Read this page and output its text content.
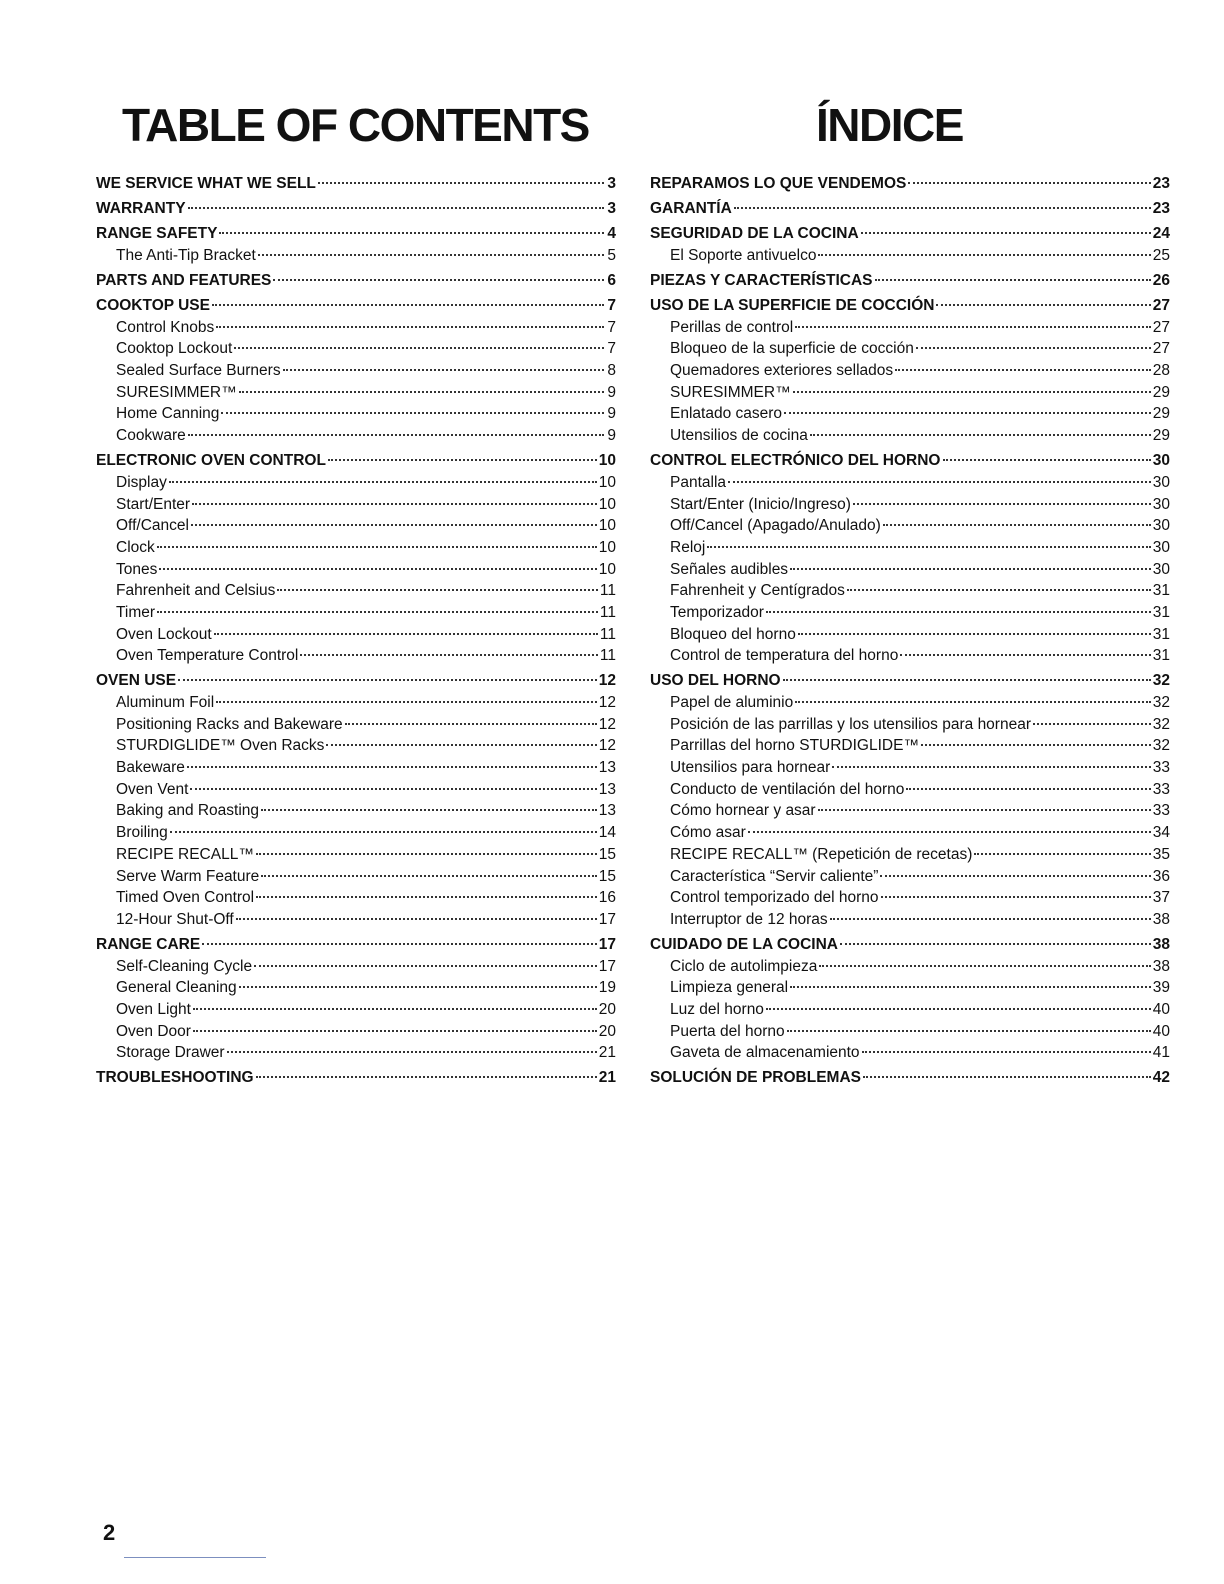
TABLE OF CONTENTS	ÍNDICE
WE SERVICE WHAT WE SELL	3
WARRANTY	3
RANGE SAFETY	4
The Anti-Tip Bracket	5
PARTS AND FEATURES	6
COOKTOP USE	7
Control Knobs	7
Cooktop Lockout	7
Sealed Surface Burners	8
SURESIMMER™	9
Home Canning	9
Cookware	9
ELECTRONIC OVEN CONTROL	10
Display	10
Start/Enter	10
Off/Cancel	10
Clock	10
Tones	10
Fahrenheit and Celsius	11
Timer	11
Oven Lockout	11
Oven Temperature Control	11
OVEN USE	12
Aluminum Foil	12
Positioning Racks and Bakeware	12
STURDIGLIDE™ Oven Racks	12
Bakeware	13
Oven Vent	13
Baking and Roasting	13
Broiling	14
RECIPE RECALL™	15
Serve Warm Feature	15
Timed Oven Control	16
12-Hour Shut-Off	17
RANGE CARE	17
Self-Cleaning Cycle	17
General Cleaning	19
Oven Light	20
Oven Door	20
Storage Drawer	21
TROUBLESHOOTING	21
REPARAMOS LO QUE VENDEMOS	23
GARANTÍA	23
SEGURIDAD DE LA COCINA	24
El Soporte antivuelco	25
PIEZAS Y CARACTERÍSTICAS	26
USO DE LA SUPERFICIE DE COCCIÓN	27
Perillas de control	27
Bloqueo de la superficie de cocción	27
Quemadores exteriores sellados	28
SURESIMMER™	29
Enlatado casero	29
Utensilios de cocina	29
CONTROL ELECTRÓNICO DEL HORNO	30
Pantalla	30
Start/Enter (Inicio/Ingreso)	30
Off/Cancel (Apagado/Anulado)	30
Reloj	30
Señales audibles	30
Fahrenheit y Centígrados	31
Temporizador	31
Bloqueo del horno	31
Control de temperatura del horno	31
USO DEL HORNO	32
Papel de aluminio	32
Posición de las parrillas y los utensilios para hornear	32
Parrillas del horno STURDIGLIDE™	32
Utensilios para hornear	33
Conducto de ventilación del horno	33
Cómo hornear y asar	33
Cómo asar	34
RECIPE RECALL™ (Repetición de recetas)	35
Característica “Servir caliente”	36
Control temporizado del horno	37
Interruptor de 12 horas	38
CUIDADO DE LA COCINA	38
Ciclo de autolimpieza	38
Limpieza general	39
Luz del horno	40
Puerta del horno	40
Gaveta de almacenamiento	41
SOLUCIÓN DE PROBLEMAS	42

2
